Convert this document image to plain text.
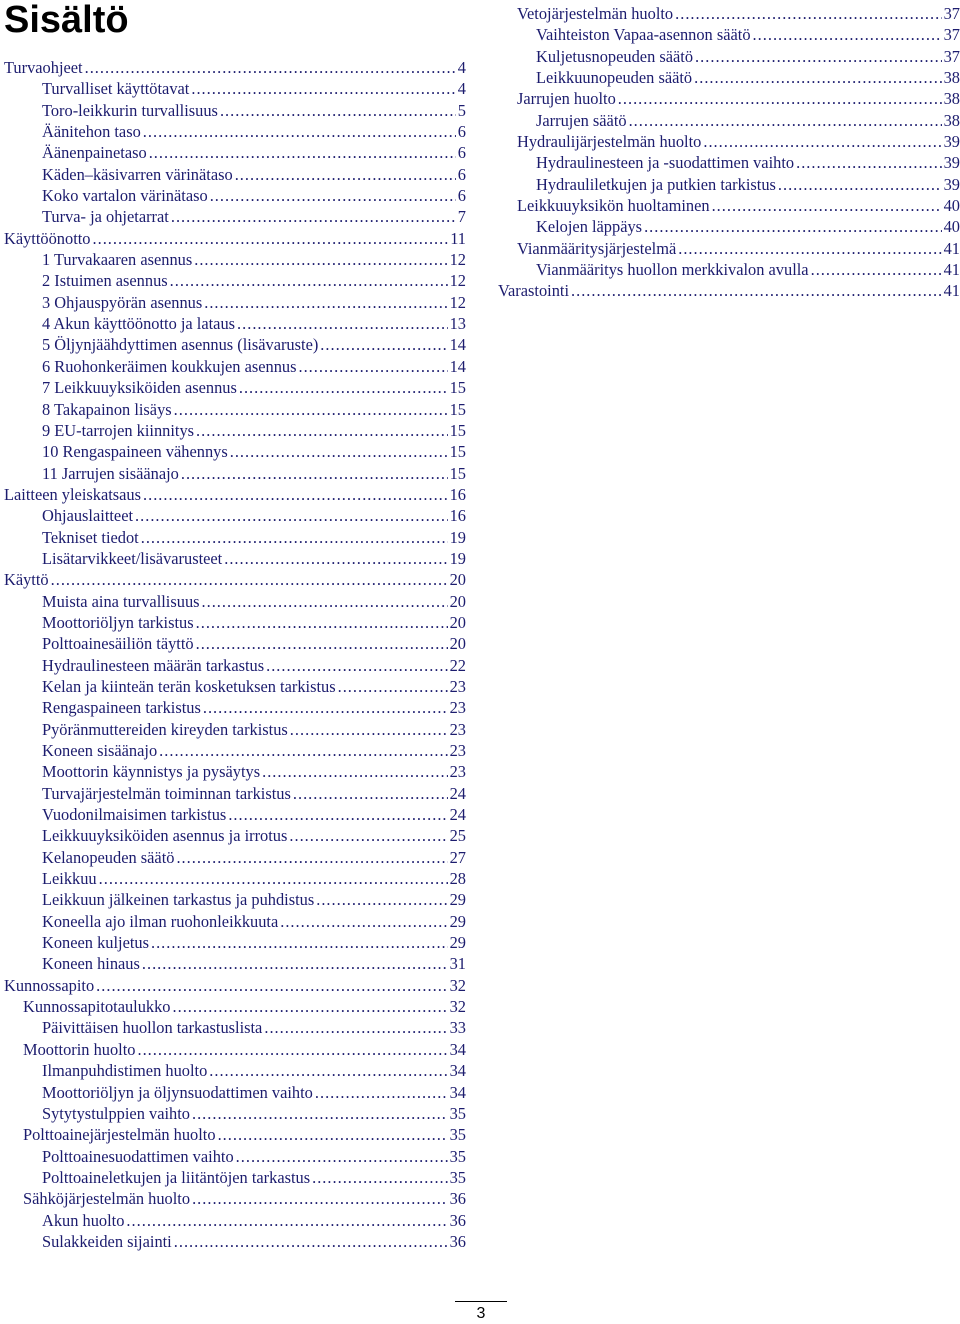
Sisältö
Turvaohjeet .....	4
Turvalliset käyttötavat .....	4
Toro-leikkurin turvallisuus .....	5
Äänitehon taso .....	6
Äänenpainetaso .....	6
Käden–käsivarren värinätaso .....	6
Koko vartalon värinätaso .....	6
Turva- ja ohjetarrat .....	7
Käyttöönotto .....	11
1 Turvakaaren asennus .....	12
2 Istuimen asennus .....	12
3 Ohjauspyörän asennus .....	12
4 Akun käyttöönotto ja lataus .....	13
5 Öljynjäähdyttimen asennus (lisävaruste) .....	14
6 Ruohonkeräimen koukkujen asennus .....	14
7 Leikkuuyksiköiden asennus .....	15
8 Takapainon lisäys .....	15
9 EU-tarrojen kiinnitys .....	15
10 Rengaspaineen vähennys .....	15
11 Jarrujen sisäänajo .....	15
Laitteen yleiskatsaus .....	16
Ohjauslaitteet .....	16
Tekniset tiedot .....	19
Lisätarvikkeet/lisävarusteet .....	19
Käyttö .....	20
Muista aina turvallisuus .....	20
Moottoriöljyn tarkistus .....	20
Polttoainesäiliön täyttö .....	20
Hydraulinesteen määrän tarkastus .....	22
Kelan ja kiinteän terän kosketuksen tarkistus .....	23
Rengaspaineen tarkistus .....	23
Pyöränmuttereiden kireyden tarkistus .....	23
Koneen sisäänajo .....	23
Moottorin käynnistys ja pysäytys .....	23
Turvajärjestelmän toiminnan tarkistus .....	24
Vuodonilmaisimen tarkistus .....	24
Leikkuuyksiköiden asennus ja irrotus .....	25
Kelanopeuden säätö .....	27
Leikkuu .....	28
Leikkuun jälkeinen tarkastus ja puhdistus .....	29
Koneella ajo ilman ruohonleikkuuta .....	29
Koneen kuljetus .....	29
Koneen hinaus .....	31
Kunnossapito .....	32
Kunnossapitotaulukko .....	32
Päivittäisen huollon tarkastuslista .....	33
Moottorin huolto .....	34
Ilmanpuhdistimen huolto .....	34
Moottoriöljyn ja öljynsuodattimen vaihto .....	34
Sytytystulppien vaihto .....	35
Polttoainejärjestelmän huolto .....	35
Polttoainesuodattimen vaihto .....	35
Polttoaineletkujen ja liitäntöjen tarkastus .....	35
Sähköjärjestelmän huolto .....	36
Akun huolto .....	36
Sulakkeiden sijainti .....	36
Vetojärjestelmän huolto .....	37
Vaihteiston Vapaa-asennon säätö .....	37
Kuljetusnopeuden säätö .....	37
Leikkuunopeuden säätö .....	38
Jarrujen huolto .....	38
Jarrujen säätö .....	38
Hydraulijärjestelmän huolto .....	39
Hydraulinesteen ja -suodattimen vaihto .....	39
Hydrauliletkujen ja putkien tarkistus .....	39
Leikkuuyksikön huoltaminen .....	40
Kelojen läppäys .....	40
Vianmääritysjärjestelmä .....	41
Vianmääritys huollon merkkivalon avulla .....	41
Varastointi .....	41
3
